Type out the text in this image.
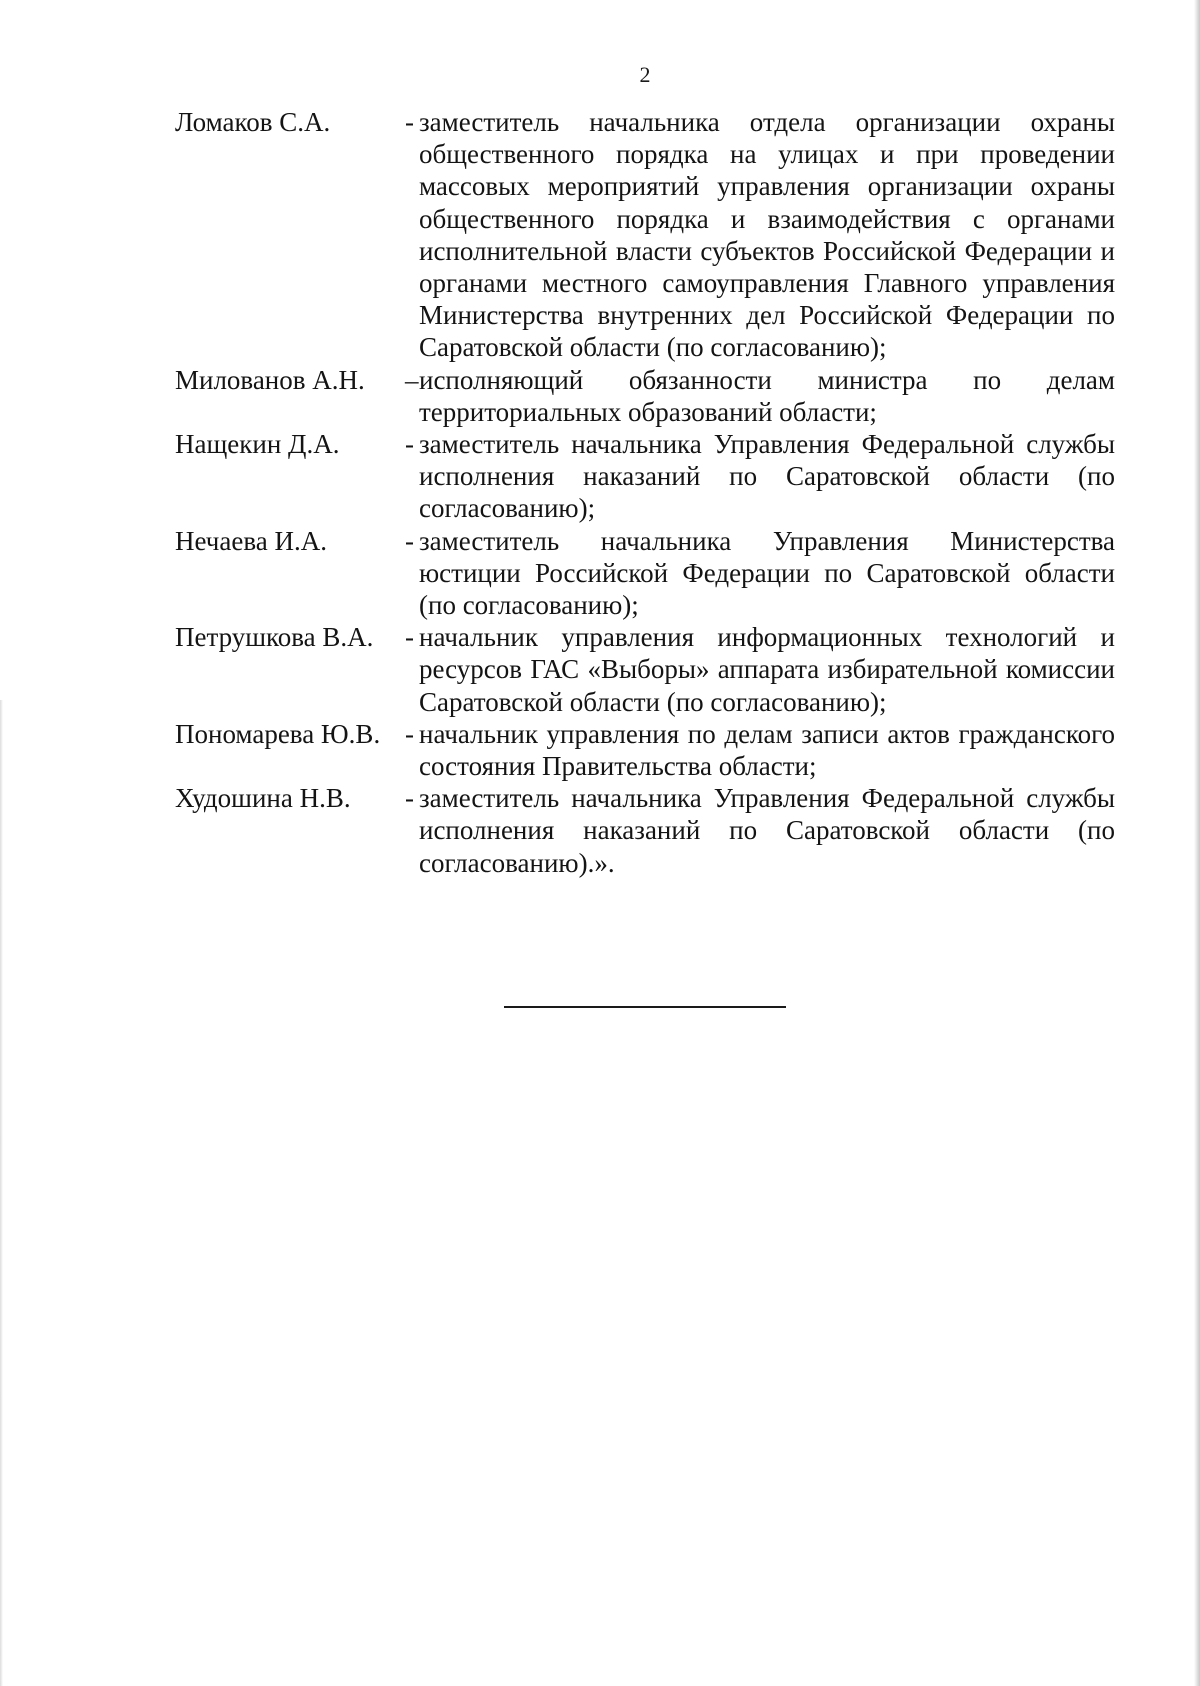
2
Ломаков С.А.	- заместитель начальника отдела организации охраны общественного порядка на улицах и при проведении массовых мероприятий управления организации охраны общественного порядка и взаимодействия с органами исполнительной власти субъектов Российской Федерации и органами местного самоуправления Главного управления Министерства внутренних дел Российской Федерации по Саратовской области (по согласованию);
Милованов А.Н.	– исполняющий обязанности министра по делам территориальных образований области;
Нащекин Д.А.	- заместитель начальника Управления Федеральной службы исполнения наказаний по Саратовской области (по согласованию);
Нечаева И.А.	- заместитель начальника Управления Министерства юстиции Российской Федерации по Саратовской области (по согласованию);
Петрушкова В.А.	- начальник управления информационных технологий и ресурсов ГАС «Выборы» аппарата избирательной комиссии Саратовской области (по согласованию);
Пономарева Ю.В. - начальник управления по делам записи актов гражданского состояния Правительства области;
Худошина Н.В.	- заместитель начальника Управления Федеральной службы исполнения наказаний по Саратовской области (по согласованию).».
